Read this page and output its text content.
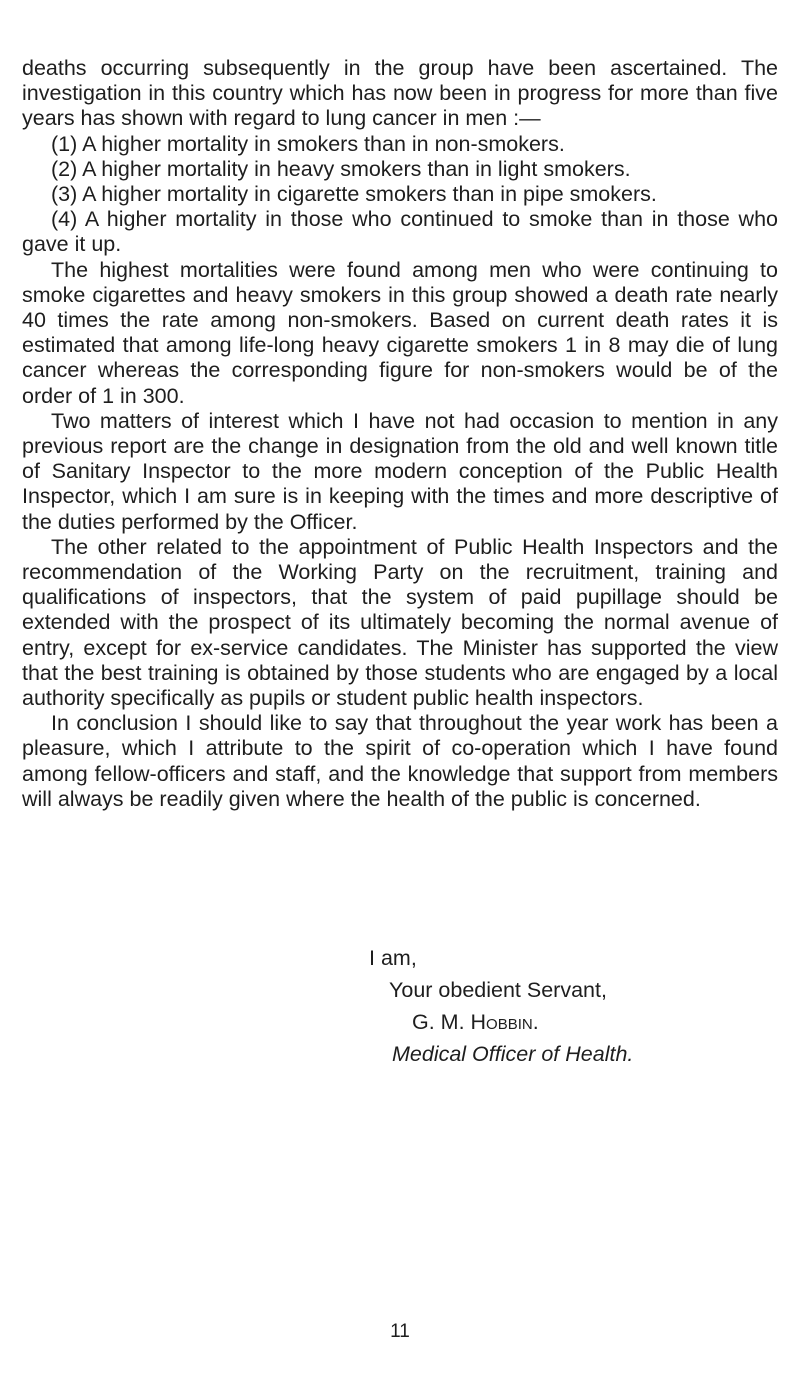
deaths occurring subsequently in the group have been ascertained. The investigation in this country which has now been in progress for more than five years has shown with regard to lung cancer in men :—

(1) A higher mortality in smokers than in non-smokers.

(2) A higher mortality in heavy smokers than in light smokers.

(3) A higher mortality in cigarette smokers than in pipe smokers.

(4) A higher mortality in those who continued to smoke than in those who gave it up.

The highest mortalities were found among men who were continuing to smoke cigarettes and heavy smokers in this group showed a death rate nearly 40 times the rate among non-smokers. Based on current death rates it is estimated that among life-long heavy cigarette smokers 1 in 8 may die of lung cancer whereas the corresponding figure for non-smokers would be of the order of 1 in 300.

Two matters of interest which I have not had occasion to mention in any previous report are the change in designation from the old and well known title of Sanitary Inspector to the more modern conception of the Public Health Inspector, which I am sure is in keeping with the times and more descriptive of the duties performed by the Officer.

The other related to the appointment of Public Health Inspectors and the recommendation of the Working Party on the recruitment, training and qualifications of inspectors, that the system of paid pupillage should be extended with the prospect of its ultimately becoming the normal avenue of entry, except for ex-service candidates. The Minister has supported the view that the best training is obtained by those students who are engaged by a local authority specifically as pupils or student public health inspectors.

In conclusion I should like to say that throughout the year work has been a pleasure, which I attribute to the spirit of co-operation which I have found among fellow-officers and staff, and the knowledge that support from members will always be readily given where the health of the public is concerned.

I am,
Your obedient Servant,
G. M. Hobbin.
Medical Officer of Health.
11
